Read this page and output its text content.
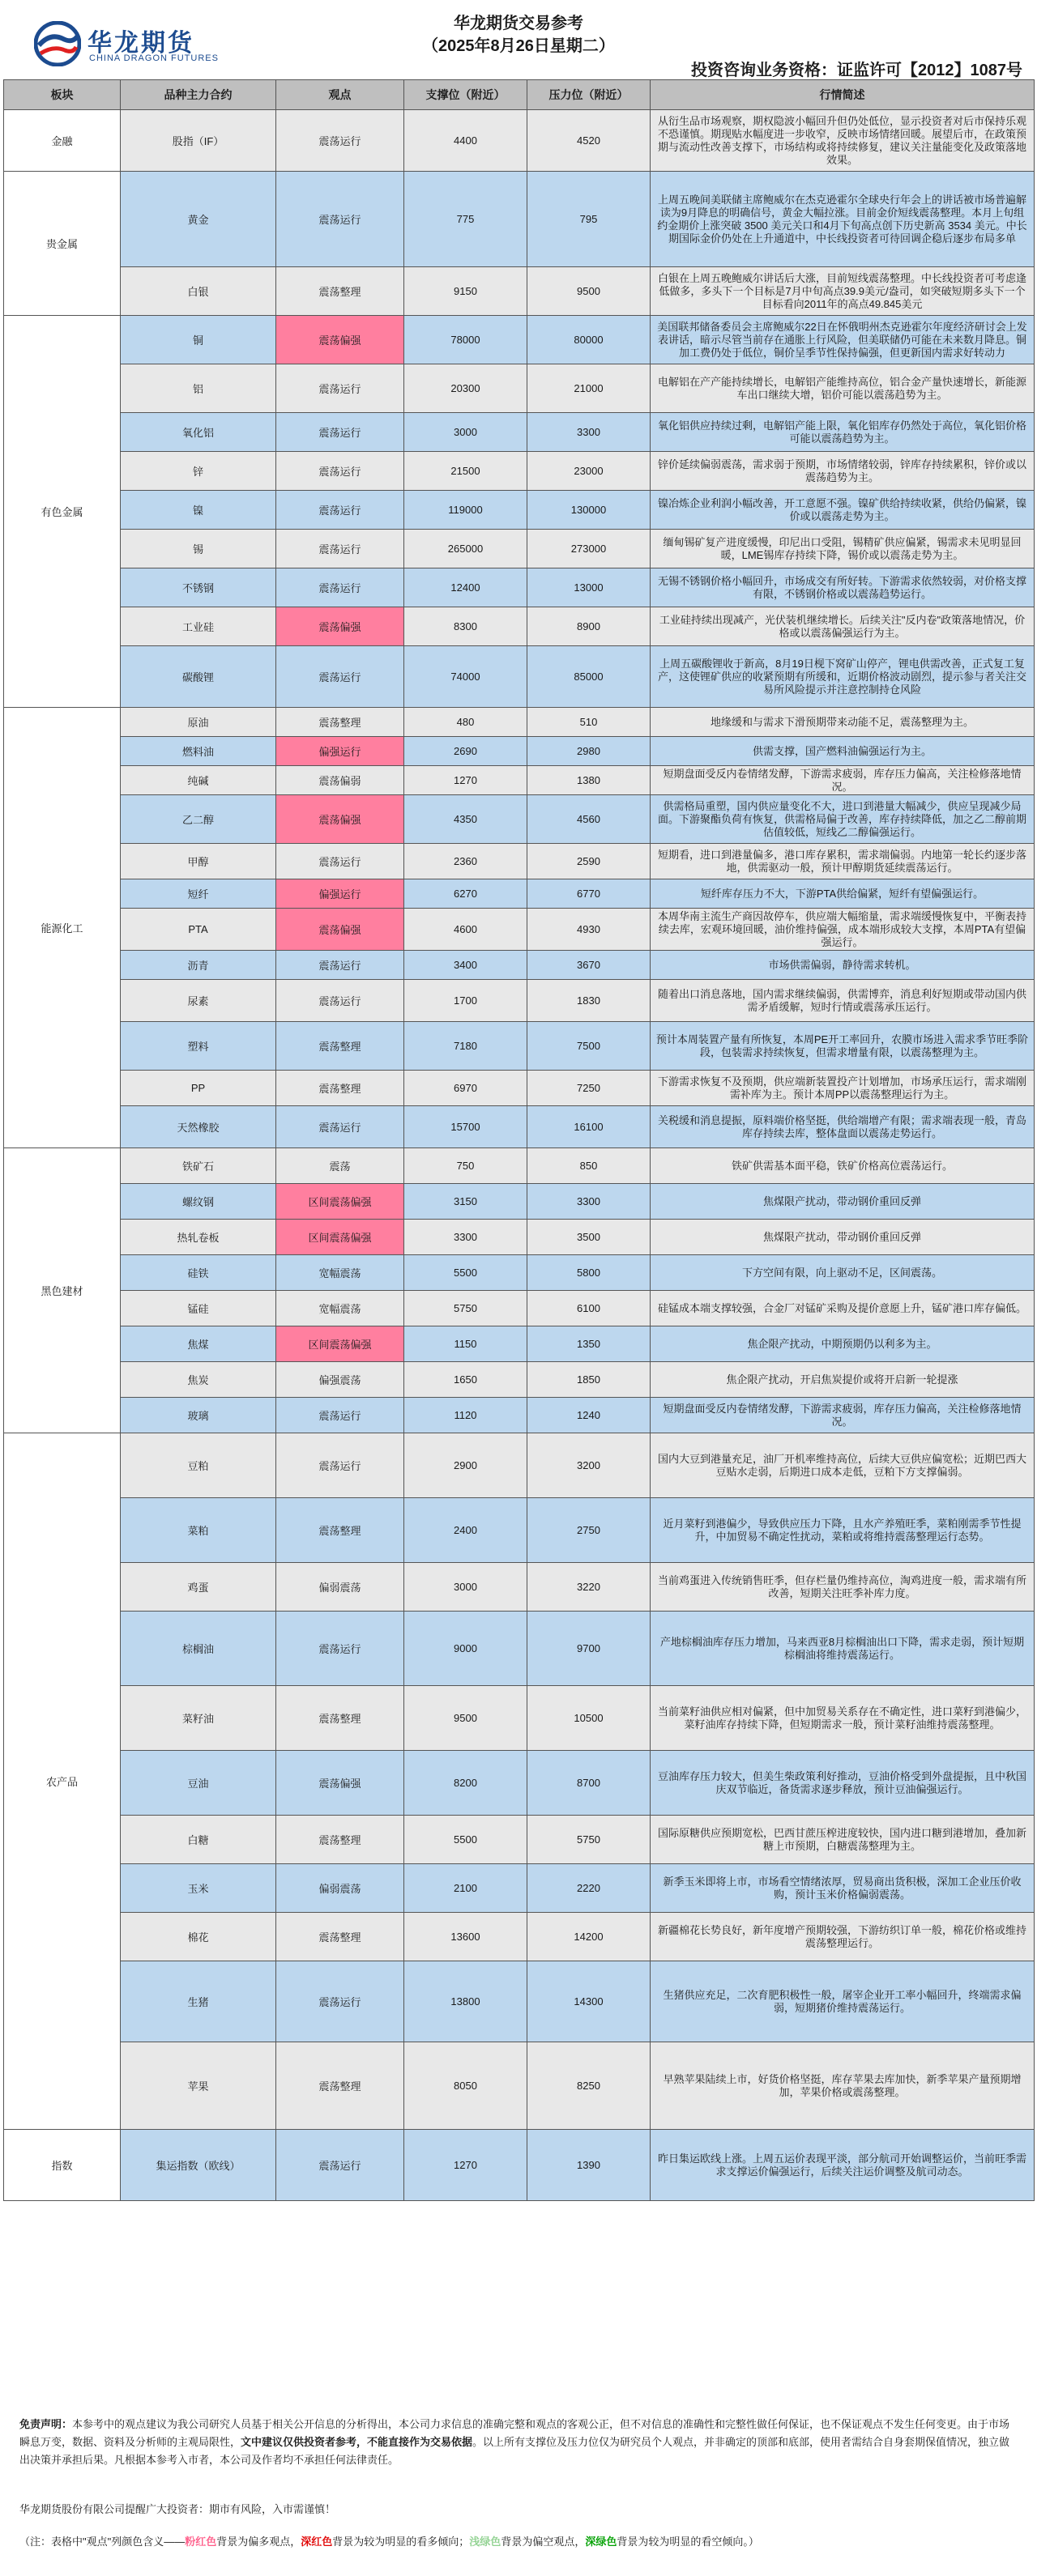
华龙期货
CHINA DRAGON FUTURES
华龙期货交易参考
（2025年8月26日星期二）
投资咨询业务资格：证监许可【2012】1087号
板块	品种主力合约	观点	支撑位（附近）	压力位（附近）	行情简述
金融	股指（IF）	震荡运行	4400	4520	从衍生品市场观察，期权隐波小幅回升但仍处低位，显示投资者对后市保持乐观不恐谨慎。期现贴水幅度进一步收窄，反映市场情绪回暖。展望后市，在政策预期与流动性改善支撑下，市场结构或将持续修复，建议关注量能变化及政策落地效果。
贵金属	黄金	震荡运行	775	795	上周五晚间美联储主席鲍威尔在杰克逊霍尔全球央行年会上的讲话被市场普遍解读为9月降息的明确信号，黄金大幅拉涨。目前金价短线震荡整理。本月上旬组约金期价上涨突破 3500 美元关口和4月下旬高点创下历史新高 3534 美元。中长期国际金价仍处在上升通道中，中长线投资者可待回调企稳后逐步布局多单
	白银	震荡整理	9150	9500	白银在上周五晚鲍威尔讲话后大涨，目前短线震荡整理。中长线投资者可考虑逢低做多，多头下一个目标是7月中旬高点39.9美元/盎司，如突破短期多头下一个目标看向2011年的高点49.845美元
有色金属	铜	震荡偏强	78000	80000	美国联邦储备委员会主席鲍威尔22日在怀俄明州杰克逊霍尔年度经济研讨会上发表讲话，暗示尽管当前存在通胀上行风险，但美联储仍可能在未来数月降息。铜加工费仍处于低位，铜价呈季节性保持偏强，但更新国内需求好转动力
	铝	震荡运行	20300	21000	电解铝在产产能持续增长，电解铝产能维持高位，铝合金产量快速增长，新能源车出口继续大增，铝价可能以震荡趋势为主。
	氧化铝	震荡运行	3000	3300	氧化铝供应持续过剩，电解铝产能上限，氧化铝库存仍然处于高位，氧化铝价格可能以震荡趋势为主。
	锌	震荡运行	21500	23000	锌价延续偏弱震荡，需求弱于预期，市场情绪较弱，锌库存持续累积，锌价或以震荡趋势为主。
	镍	震荡运行	119000	130000	镍冶炼企业利润小幅改善，开工意愿不强。镍矿供给持续收紧，供给仍偏紧，镍价或以震荡走势为主。
	锡	震荡运行	265000	273000	缅甸锡矿复产进度缓慢，印尼出口受阻，锡精矿供应偏紧，锡需求未见明显回暖，LME锡库存持续下降，锡价或以震荡走势为主。
	不锈钢	震荡运行	12400	13000	无锡不锈钢价格小幅回升，市场成交有所好转。下游需求依然较弱，对价格支撑有限，不锈钢价格或以震荡趋势运行。
	工业硅	震荡偏强	8300	8900	工业硅持续出现减产，光伏装机继续增长。后续关注"反内卷"政策落地情况，价格或以震荡偏强运行为主。
	碳酸锂	震荡运行	74000	85000	上周五碳酸锂收于新高，8月19日枧下窝矿山停产，锂电供需改善，正式复工复产，这使锂矿供应的收紧预期有所缓和，近期价格波动剧烈，提示参与者关注交易所风险提示并注意控制持仓风险
能源化工	原油	震荡整理	480	510	地缘缓和与需求下滑预期带来动能不足，震荡整理为主。
	燃料油	偏强运行	2690	2980	供需支撑，国产燃料油偏强运行为主。
	纯碱	震荡偏弱	1270	1380	短期盘面受反内卷情绪发酵，下游需求疲弱，库存压力偏高，关注检修落地情况。
	乙二醇	震荡偏强	4350	4560	供需格局重塑，国内供应量变化不大，进口到港量大幅减少，供应呈现减少局面。下游聚酯负荷有恢复，供需格局偏于改善，库存持续降低，加之乙二醇前期估值较低，短线乙二醇偏强运行。
	甲醇	震荡运行	2360	2590	短期看，进口到港量偏多，港口库存累积，需求端偏弱。内地第一轮长约逐步落地，供需驱动一般，预计甲醇期货延续震荡运行。
	短纤	偏强运行	6270	6770	短纤库存压力不大，下游PTA供给偏紧，短纤有望偏强运行。
	PTA	震荡偏强	4600	4930	本周华南主流生产商因故停车，供应端大幅缩量，需求端缓慢恢复中，平衡表持续去库，宏观环境回暖，油价维持偏强，成本端形成较大支撑，本周PTA有望偏强运行。
	沥青	震荡运行	3400	3670	市场供需偏弱，静待需求转机。
	尿素	震荡运行	1700	1830	随着出口消息落地，国内需求继续偏弱，供需博弈，消息利好短期或带动国内供需矛盾缓解，短时行情或震荡承压运行。
	塑料	震荡整理	7180	7500	预计本周装置产量有所恢复，本周PE开工率回升，农膜市场进入需求季节旺季阶段，包装需求持续恢复，但需求增量有限，以震荡整理为主。
	PP	震荡整理	6970	7250	下游需求恢复不及预期，供应端新装置投产计划增加，市场承压运行，需求端刚需补库为主。预计本周PP以震荡整理运行为主。
	天然橡胶	震荡运行	15700	16100	关税缓和消息提振，原料端价格坚挺，供给端增产有限；需求端表现一般，青岛库存持续去库，整体盘面以震荡走势运行。
黑色建材	铁矿石	震荡	750	850	铁矿供需基本面平稳，铁矿价格高位震荡运行。
	螺纹钢	区间震荡偏强	3150	3300	焦煤限产扰动，带动钢价重回反弹
	热轧卷板	区间震荡偏强	3300	3500	焦煤限产扰动，带动钢价重回反弹
	硅铁	宽幅震荡	5500	5800	下方空间有限，向上驱动不足，区间震荡。
	锰硅	宽幅震荡	5750	6100	硅锰成本端支撑较强，合金厂对锰矿采购及提价意愿上升，锰矿港口库存偏低。
	焦煤	区间震荡偏强	1150	1350	焦企限产扰动，中期预期仍以利多为主。
	焦炭	偏强震荡	1650	1850	焦企限产扰动，开启焦炭提价或将开启新一轮提涨
	玻璃	震荡运行	1120	1240	短期盘面受反内卷情绪发酵，下游需求疲弱，库存压力偏高，关注检修落地情况。
农产品	豆粕	震荡运行	2900	3200	国内大豆到港量充足，油厂开机率维持高位，后续大豆供应偏宽松；近期巴西大豆贴水走弱，后期进口成本走低，豆粕下方支撑偏弱。
	菜粕	震荡整理	2400	2750	近月菜籽到港偏少，导致供应压力下降，且水产养殖旺季，菜粕刚需季节性提升，中加贸易不确定性扰动，菜粕或将维持震荡整理运行态势。
	鸡蛋	偏弱震荡	3000	3220	当前鸡蛋进入传统销售旺季，但存栏量仍维持高位，淘鸡进度一般，需求端有所改善，短期关注旺季补库力度。
	棕榈油	震荡运行	9000	9700	产地棕榈油库存压力增加，马来西亚8月棕榈油出口下降，需求走弱，预计短期棕榈油将维持震荡运行。
	菜籽油	震荡整理	9500	10500	当前菜籽油供应相对偏紧，但中加贸易关系存在不确定性，进口菜籽到港偏少，菜籽油库存持续下降，但短期需求一般，预计菜籽油维持震荡整理。
	豆油	震荡偏强	8200	8700	豆油库存压力较大，但美生柴政策利好推动，豆油价格受到外盘提振，且中秋国庆双节临近，备货需求逐步释放，预计豆油偏强运行。
	白糖	震荡整理	5500	5750	国际原糖供应预期宽松，巴西甘蔗压榨进度较快，国内进口糖到港增加，叠加新糖上市预期，白糖震荡整理为主。
	玉米	偏弱震荡	2100	2220	新季玉米即将上市，市场看空情绪浓厚，贸易商出货积极，深加工企业压价收购，预计玉米价格偏弱震荡。
	棉花	震荡整理	13600	14200	新疆棉花长势良好，新年度增产预期较强，下游纺织订单一般，棉花价格或维持震荡整理运行。
	生猪	震荡运行	13800	14300	生猪供应充足，二次育肥积极性一般，屠宰企业开工率小幅回升，终端需求偏弱，短期猪价维持震荡运行。
	苹果	震荡整理	8050	8250	早熟苹果陆续上市，好货价格坚挺，库存苹果去库加快，新季苹果产量预期增加，苹果价格或震荡整理。
指数	集运指数（欧线）	震荡运行	1270	1390	昨日集运欧线上涨。上周五运价表现平淡，部分航司开始调整运价，当前旺季需求支撑运价偏强运行，后续关注运价调整及航司动态。
免责声明：本参考中的观点建议为我公司研究人员基于相关公开信息的分析得出，本公司力求信息的准确完整和观点的客观公正，但不对信息的准确性和完整性做任何保证，也不保证观点不发生任何变更。由于市场瞬息万变，数据、资料及分析师的主观局限性，文中建议仅供投资者参考，不能直接作为交易依据。以上所有支撑位及压力位仅为研究员个人观点，并非确定的顶部和底部，使用者需结合自身套期保值情况，独立做出决策并承担后果。凡根据本参考入市者，本公司及作者均不承担任何法律责任。
华龙期货股份有限公司提醒广大投资者：期市有风险，入市需谨慎！
（注：表格中"观点"列颜色含义——粉红色背景为偏多观点，深红色背景为较为明显的看多倾向；浅绿色背景为偏空观点，深绿色背景为较为明显的看空倾向。）
